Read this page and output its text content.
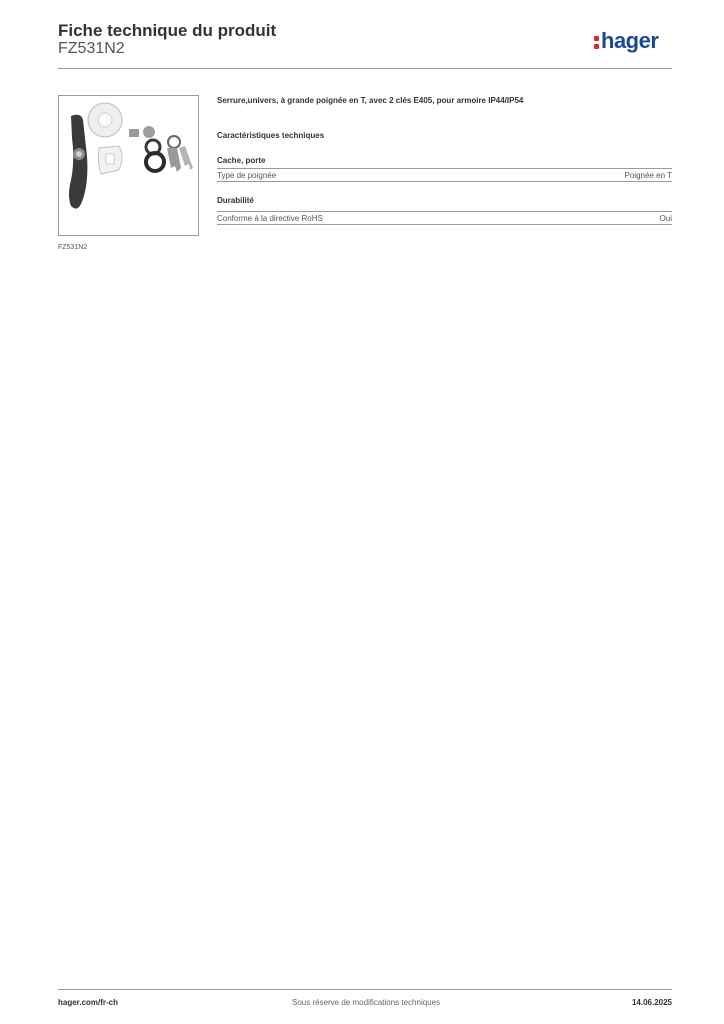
Fiche technique du produit
FZ531N2	hager
FZ531N2
Serrure,univers, à grande poignée en T, avec 2 clés E405, pour armoire IP44/IP54
Caractéristiques techniques
Cache, porte
Type de poignée	Poignée en T
Durabilité
Conforme à la directive RoHS	Oui
hager.com/fr-ch	Sous réserve de modifications techniques	14.06.2025
